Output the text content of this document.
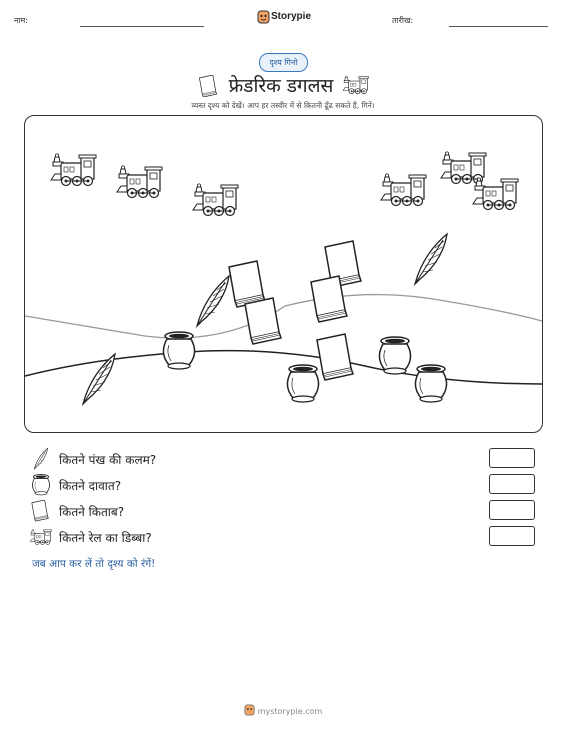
नाम:	Storypie	तारीख:
दृश्य गिनो
फ्रेडरिक डगलस
व्यस्त दृश्य को देखें। आप हर तस्वीर में से कितनी ढूँढ सकते हैं, गिनें।
कितने पंख की कलम?
कितने दावात?
कितने किताब?
कितने रेल का डिब्बा?
जब आप कर लें तो दृश्य को रंगें!
mystorypie.com
